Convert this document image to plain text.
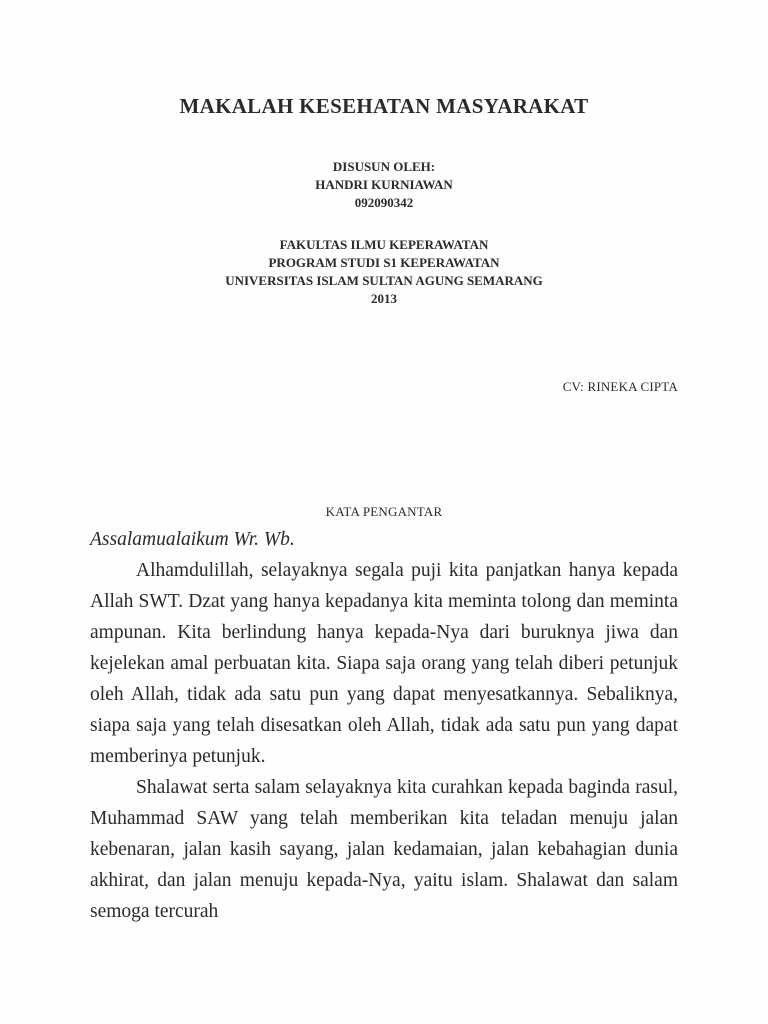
MAKALAH KESEHATAN MASYARAKAT
DISUSUN OLEH:
HANDRI KURNIAWAN
092090342
FAKULTAS ILMU KEPERAWATAN
PROGRAM STUDI S1 KEPERAWATAN
UNIVERSITAS ISLAM SULTAN AGUNG SEMARANG
2013
CV: RINEKA CIPTA
KATA PENGANTAR

Assalamualaikum Wr. Wb.

Alhamdulillah, selayaknya segala puji kita panjatkan hanya kepada Allah SWT. Dzat yang hanya kepadanya kita meminta tolong dan meminta ampunan. Kita berlindung hanya kepada-Nya dari buruknya jiwa dan kejelekan amal perbuatan kita. Siapa saja orang yang telah diberi petunjuk oleh Allah, tidak ada satu pun yang dapat menyesatkannya. Sebaliknya, siapa saja yang telah disesatkan oleh Allah, tidak ada satu pun yang dapat memberinya petunjuk.

Shalawat serta salam selayaknya kita curahkan kepada baginda rasul, Muhammad SAW yang telah memberikan kita teladan menuju jalan kebenaran, jalan kasih sayang, jalan kedamaian, jalan kebahagian dunia akhirat, dan jalan menuju kepada-Nya, yaitu islam. Shalawat dan salam semoga tercurah
